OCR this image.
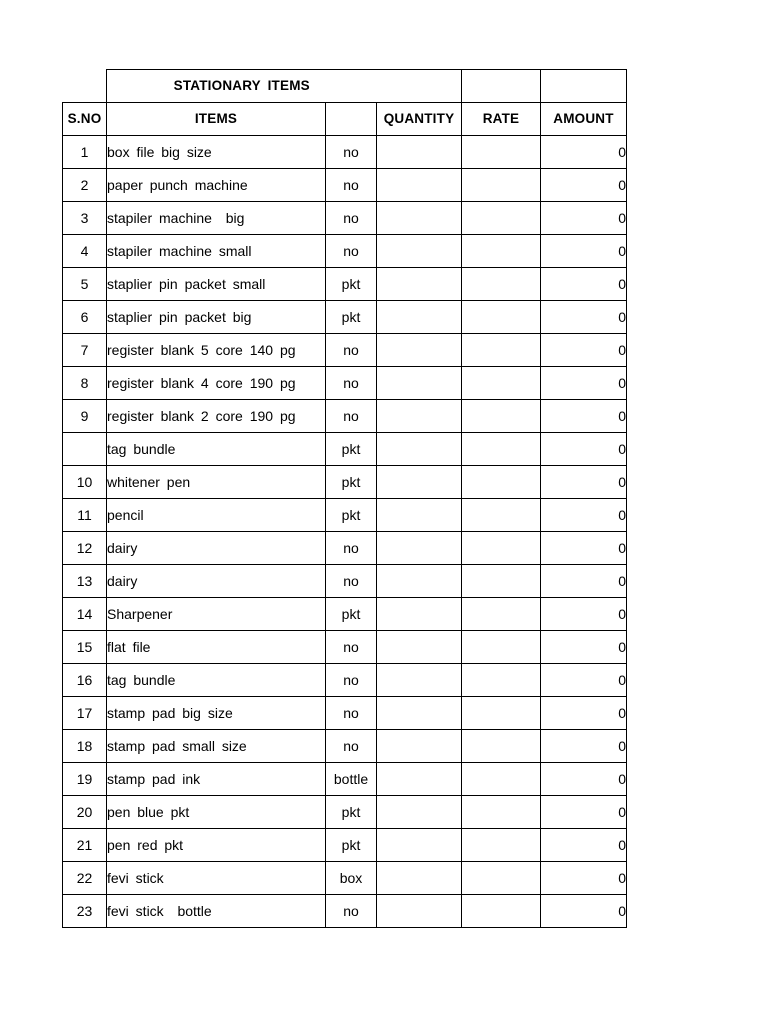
	STATIONARY ITEMS				
S.NO	ITEMS		QUANTITY	RATE	AMOUNT
1	box file big size	no			0
2	paper punch machine	no			0
3	stapiler machine  big	no			0
4	stapiler machine small	no			0
5	staplier pin packet small	pkt			0
6	staplier pin packet big	pkt			0
7	register blank 5 core 140 pg	no			0
8	register blank 4 core 190 pg	no			0
9	register blank 2 core 190 pg	no			0
	tag bundle	pkt			0
10	whitener pen	pkt			0
11	pencil	pkt			0
12	dairy	no			0
13	dairy	no			0
14	Sharpener	pkt			0
15	flat file	no			0
16	tag bundle	no			0
17	stamp pad big size	no			0
18	stamp pad small size	no			0
19	stamp pad ink	bottle			0
20	pen blue pkt	pkt			0
21	pen red pkt	pkt			0
22	fevi stick	box			0
23	fevi stick  bottle	no			0
